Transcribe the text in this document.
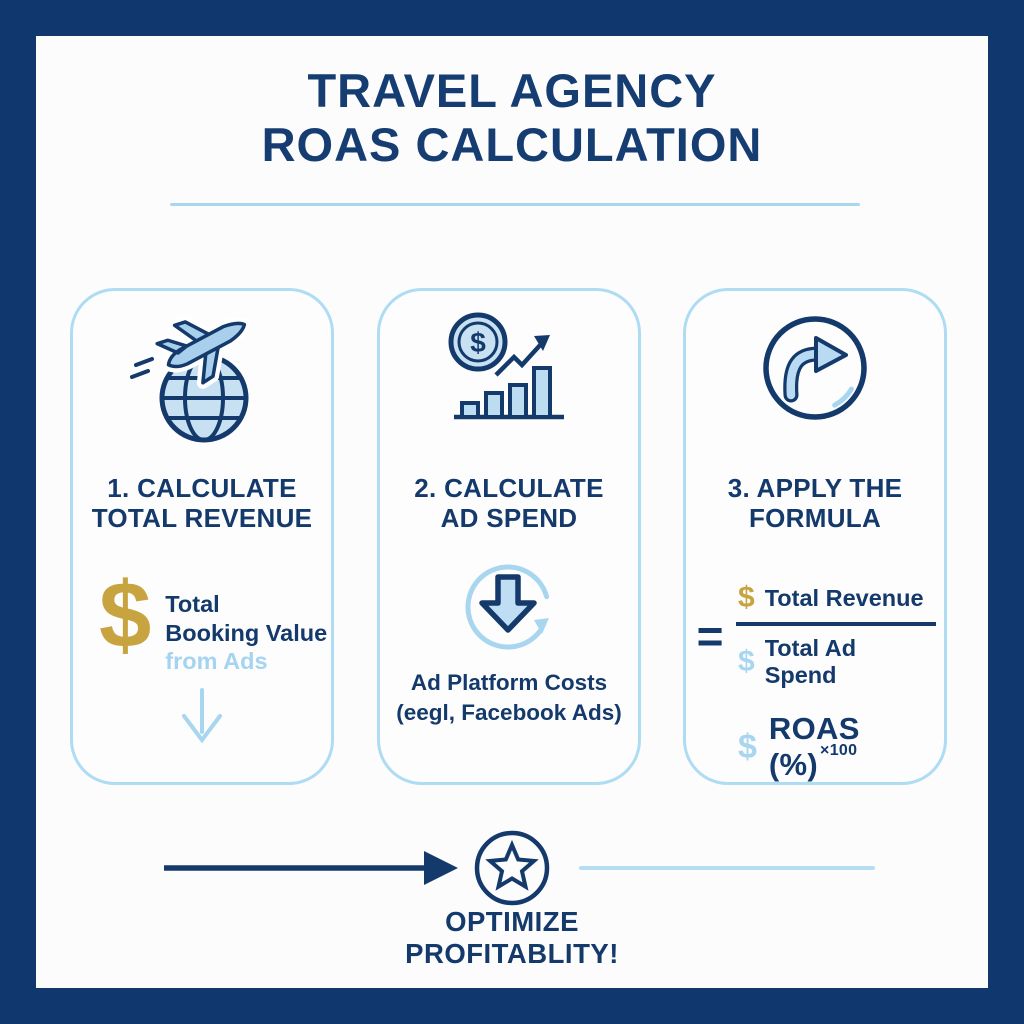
TRAVEL AGENCY
ROAS CALCULATION
1. CALCULATE
TOTAL REVENUE
$ Total
Booking Value
from Ads
$
2. CALCULATE
AD SPEND
Ad Platform Costs
(eegl, Facebook Ads)
3. APPLY THE
FORMULA
= $\frac{\text{\$ Total Revenue}}{\text{\$ Total Ad Spend}}$
$ ROAS (%) $^{\times 100}$
OPTIMIZE
PROFITABLITY!
